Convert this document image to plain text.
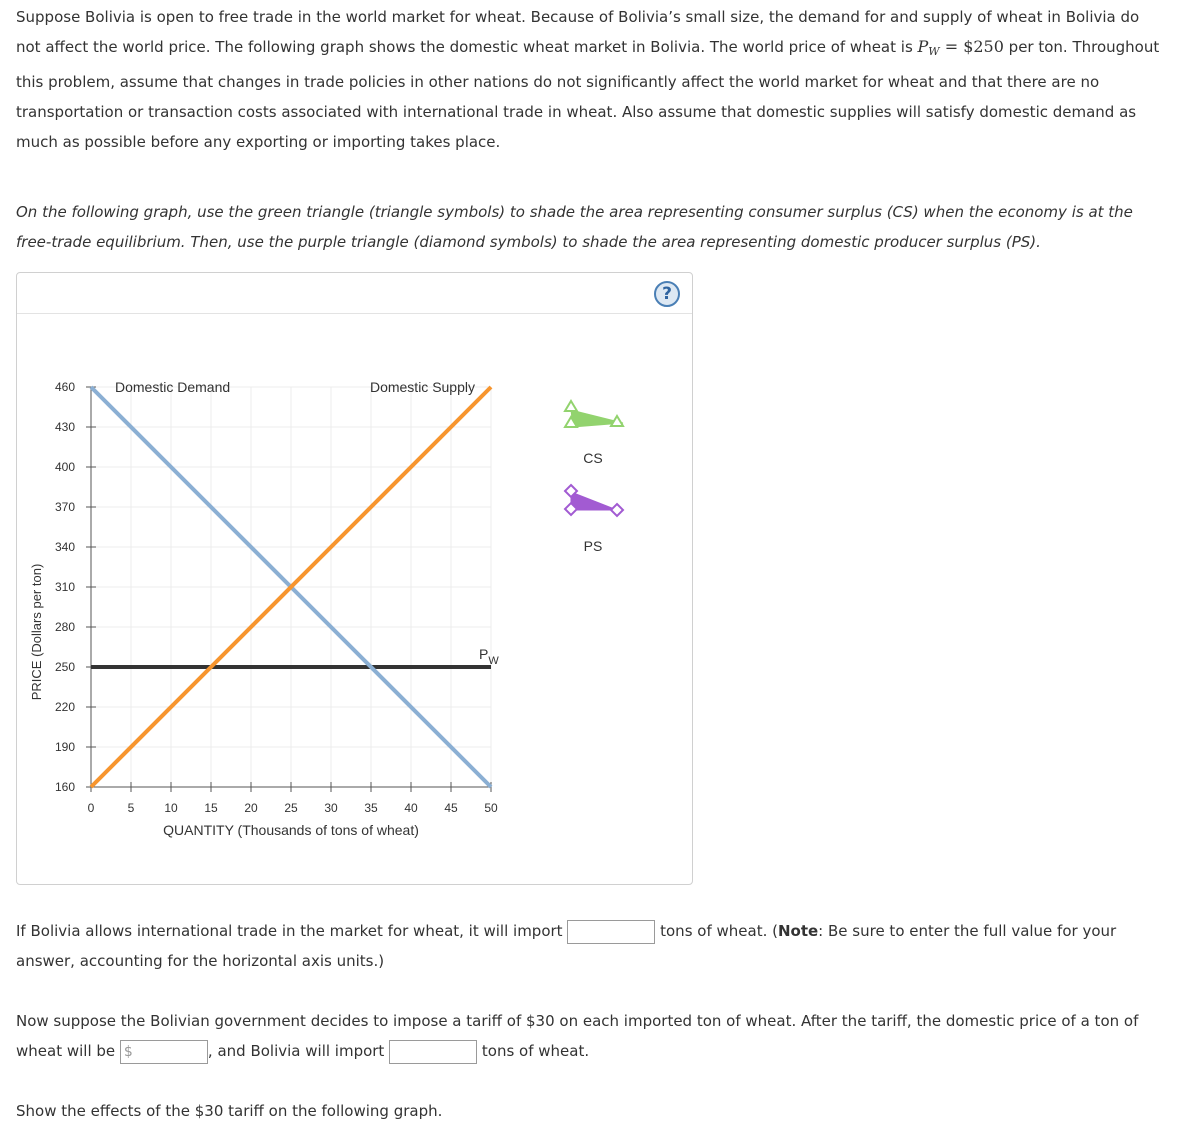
Suppose Bolivia is open to free trade in the world market for wheat. Because of Bolivia’s small size, the demand for and supply of wheat in Bolivia do not affect the world price. The following graph shows the domestic wheat market in Bolivia. The world price of wheat is $P_W$ = $250 per ton. Throughout this problem, assume that changes in trade policies in other nations do not significantly affect the world market for wheat and that there are no transportation or transaction costs associated with international trade in wheat. Also assume that domestic supplies will satisfy domestic demand as much as possible before any exporting or importing takes place.

On the following graph, use the green triangle (triangle symbols) to shade the area representing consumer surplus (CS) when the economy is at the free-trade equilibrium. Then, use the purple triangle (diamond symbols) to shade the area representing domestic producer surplus (PS).

?
160
190
220
250
280
310
340
370
400
430
460
0	5 10 15 20 25 30 35 40 45 50
Domestic Demand	Domestic Supply
$P_W$
QUANTITY (Thousands of tons of wheat)
PRICE (Dollars per ton)
CS
PS

If Bolivia allows international trade in the market for wheat, it will import	tons of wheat. (Note: Be sure to enter the full value for your answer, accounting for the horizontal axis units.)

Now suppose the Bolivian government decides to impose a tariff of $30 on each imported ton of wheat. After the tariff, the domestic price of a ton of wheat will be $	, and Bolivia will import	tons of wheat.

Show the effects of the $30 tariff on the following graph.
